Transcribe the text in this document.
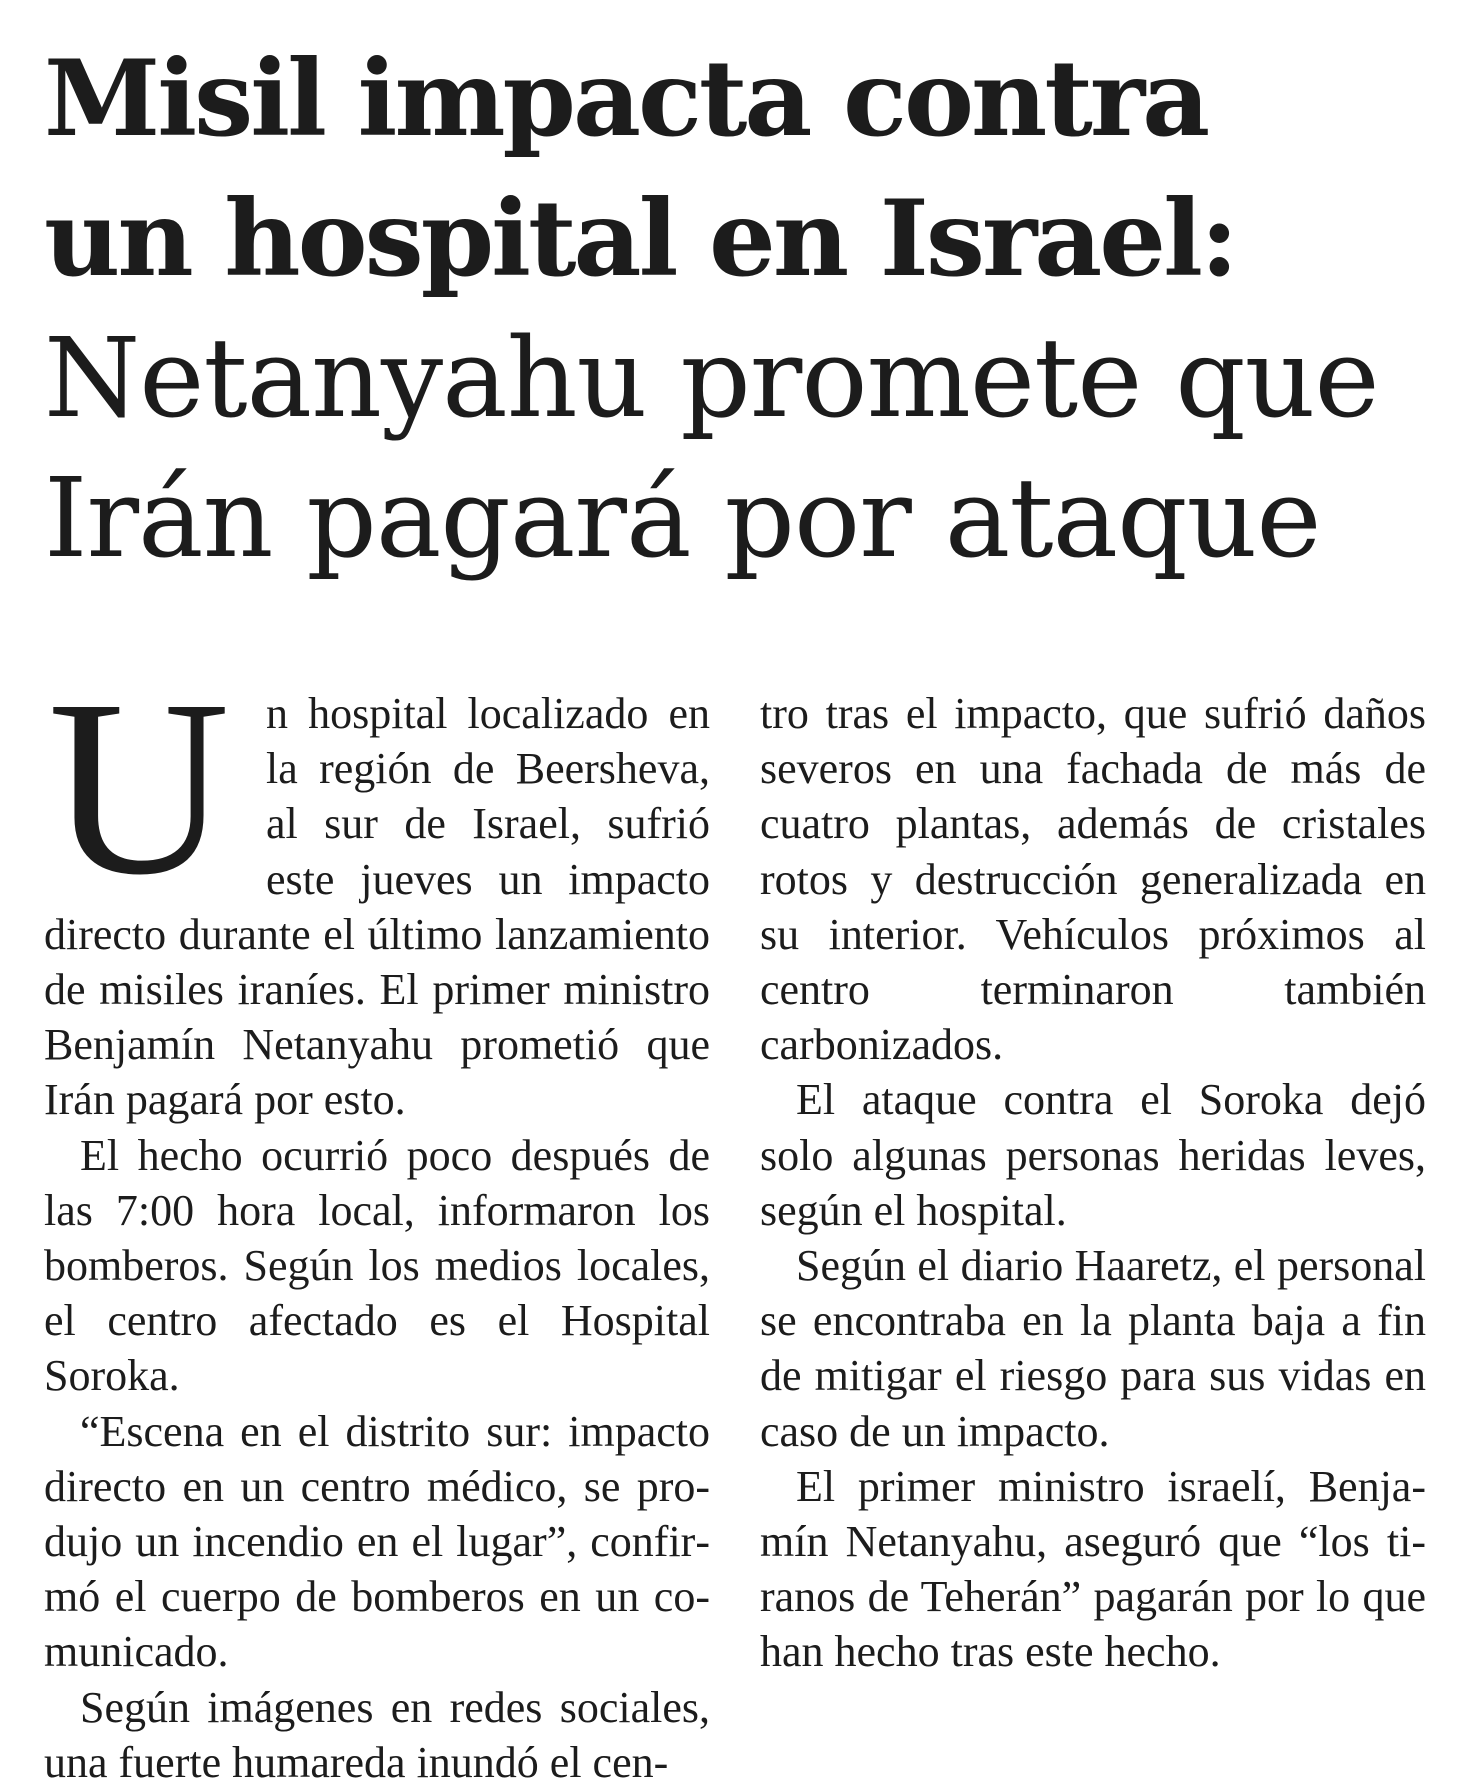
Misil impacta contra
un hospital en Israel:
Netanyahu promete que
Irán pagará por ataque

Un hospital localizado en la región de Beersheva, al sur de Israel, sufrió este jueves un impacto directo durante el último lanzamiento de misiles iraníes. El primer ministro Benjamín Netanyahu prometió que Irán pagará por esto.

El hecho ocurrió poco después de las 7:00 hora local, informaron los bomberos. Según los medios locales, el centro afectado es el Hospital Soroka.

“Escena en el distrito sur: impacto directo en un centro médico, se produjo un incendio en el lugar”, confirmó el cuerpo de bomberos en un comunicado.

Según imágenes en redes sociales, una fuerte humareda inundó el cen-

tro tras el impacto, que sufrió daños severos en una fachada de más de cuatro plantas, además de cristales rotos y destrucción generalizada en su interior. Vehículos próximos al centro terminaron también carbonizados.

El ataque contra el Soroka dejó solo algunas personas heridas leves, según el hospital.

Según el diario Haaretz, el personal se encontraba en la planta baja a fin de mitigar el riesgo para sus vidas en caso de un impacto.

El primer ministro israelí, Benjamín Netanyahu, aseguró que “los tiranos de Teherán” pagarán por lo que han hecho tras este hecho.
